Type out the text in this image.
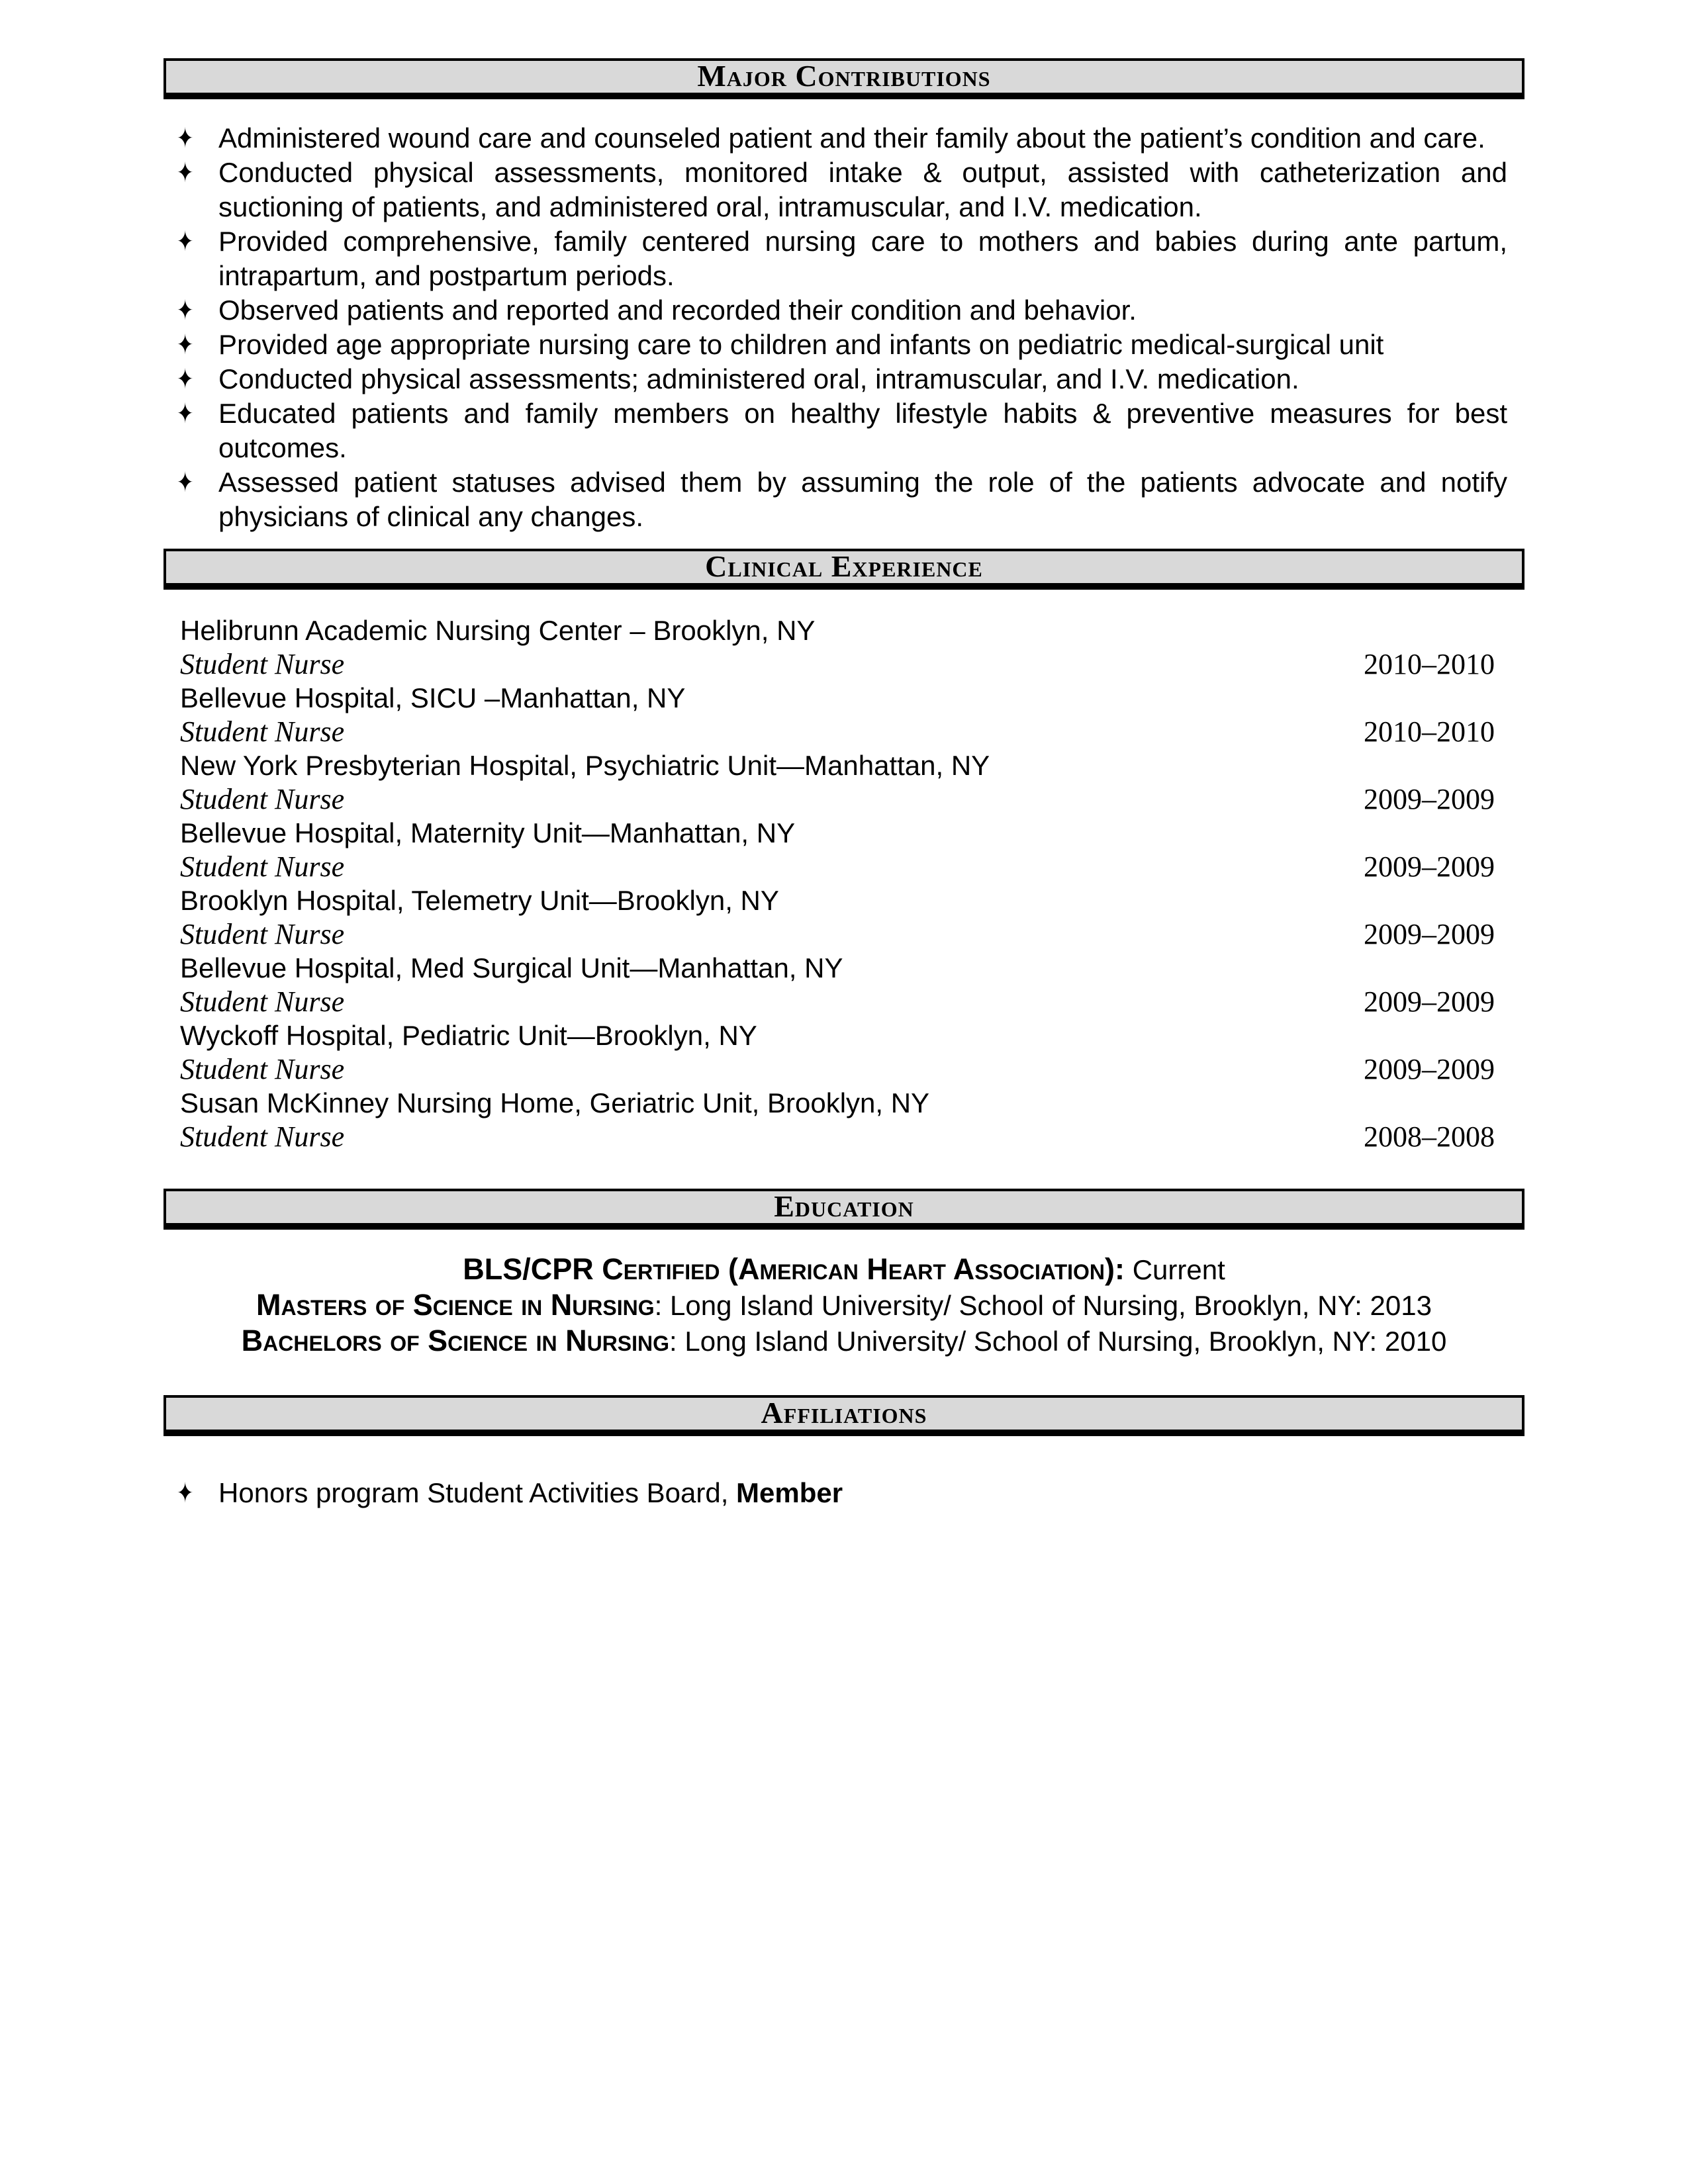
Major Contributions
✦ Administered wound care and counseled patient and their family about the patient’s condition and care.
✦ Conducted physical assessments, monitored intake & output, assisted with catheterization and suctioning of patients, and administered oral, intramuscular, and I.V. medication.
✦ Provided comprehensive, family centered nursing care to mothers and babies during ante partum, intrapartum, and postpartum periods.
✦ Observed patients and reported and recorded their condition and behavior.
✦ Provided age appropriate nursing care to children and infants on pediatric medical-surgical unit
✦ Conducted physical assessments; administered oral, intramuscular, and I.V. medication.
✦ Educated patients and family members on healthy lifestyle habits & preventive measures for best outcomes.
✦ Assessed patient statuses advised them by assuming the role of the patients advocate and notify physicians of clinical any changes.
Clinical Experience
Helibrunn Academic Nursing Center – Brooklyn, NY
Student Nurse	2010–2010
Bellevue Hospital, SICU –Manhattan, NY
Student Nurse	2010–2010
New York Presbyterian Hospital, Psychiatric Unit—Manhattan, NY
Student Nurse	2009–2009
Bellevue Hospital, Maternity Unit—Manhattan, NY
Student Nurse	2009–2009
Brooklyn Hospital, Telemetry Unit—Brooklyn, NY
Student Nurse	2009–2009
Bellevue Hospital, Med Surgical Unit—Manhattan, NY
Student Nurse	2009–2009
Wyckoff Hospital, Pediatric Unit—Brooklyn, NY
Student Nurse	2009–2009
Susan McKinney Nursing Home, Geriatric Unit, Brooklyn, NY
Student Nurse	2008–2008
Education

BLS/CPR Certified (American Heart Association): Current

Masters of Science in Nursing: Long Island University/ School of Nursing, Brooklyn, NY: 2013

Bachelors of Science in Nursing: Long Island University/ School of Nursing, Brooklyn, NY: 2010

Affiliations
✦ Honors program Student Activities Board, Member
